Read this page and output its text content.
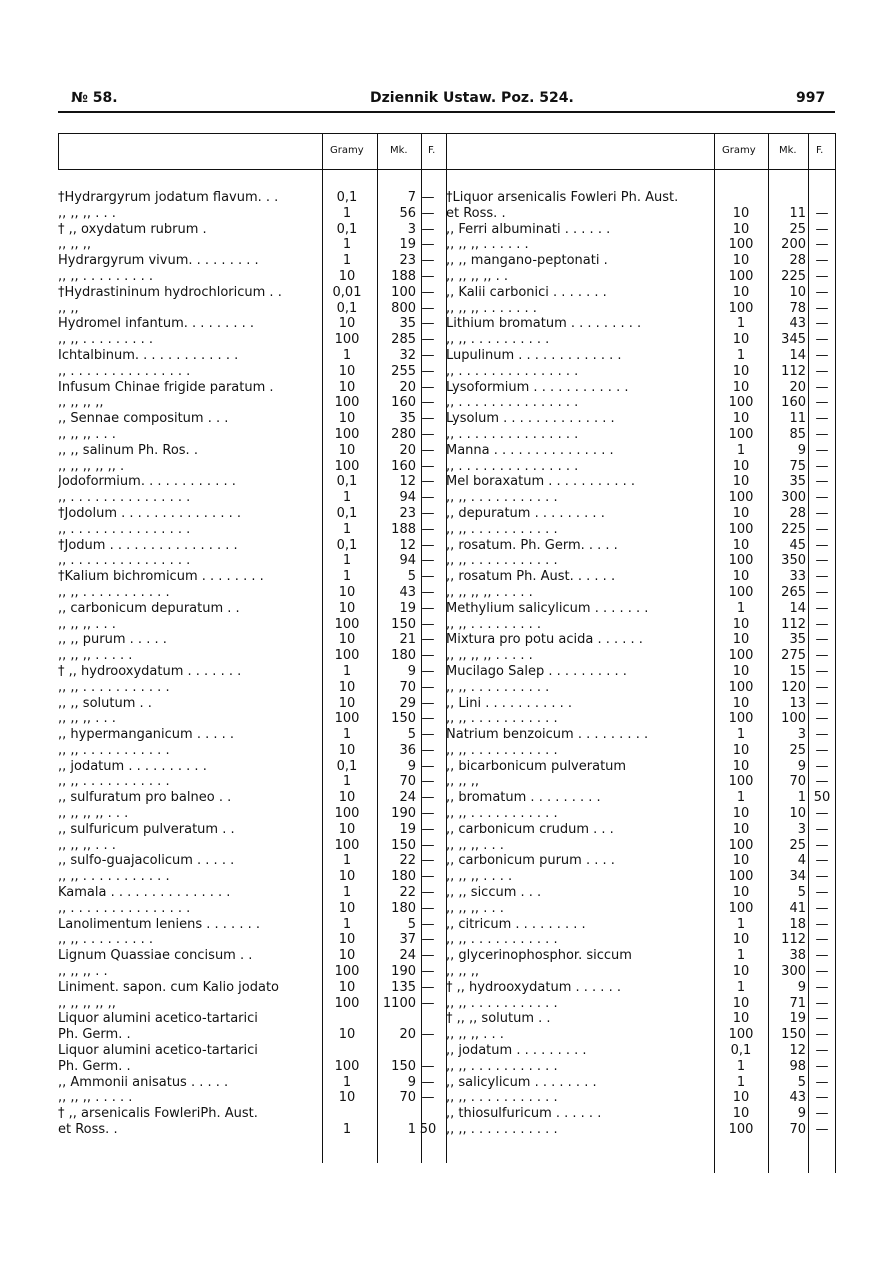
№ 58.	Dziennik Ustaw. Poz. 524.	997
Gramy	Mk. F.	Gramy Mk. F.
†Hydrargyrum jodatum flavum. . .	0,1	7 —
,, ,, ,, . . .	1	56 —
† ,, oxydatum rubrum .	0,1	3 —
,, ,, ,,	1	19 —
Hydrargyrum vivum. . . . . . . . .	1	23 —
,, ,, . . . . . . . . .	10	188 —
†Hydrastininum hydrochloricum . .	0,01	100 —
,, ,,	0,1	800 —
Hydromel infantum. . . . . . . . .	10	35 —
,, ,, . . . . . . . . .	100	285 —
Ichtalbinum. . . . . . . . . . . . .	1	32 —
,, . . . . . . . . . . . . . . .	10	255 —
Infusum Chinae frigide paratum .	10	20 —
,, ,, ,, ,,	100	160 —
,, Sennae compositum . . .	10	35 —
,, ,, ,, . . .	100	280 —
,, ,, salinum Ph. Ros. .	10	20 —
,, ,, ,, ,, ,, .	100	160 —
Jodoformium. . . . . . . . . . . .	0,1	12 —
,, . . . . . . . . . . . . . . .	1	94 —
†Jodolum . . . . . . . . . . . . . . .	0,1	23 —
,, . . . . . . . . . . . . . . .	1	188 —
†Jodum . . . . . . . . . . . . . . . .	0,1	12 —
,, . . . . . . . . . . . . . . .	1	94 —
†Kalium bichromicum . . . . . . . .	1	5 —
,, ,, . . . . . . . . . . .	10	43 —
,, carbonicum depuratum . .	10	19 —
,, ,, ,, . . .	100	150 —
,, ,, purum . . . . .	10	21 —
,, ,, ,, . . . . .	100	180 —
† ,, hydrooxydatum . . . . . . .	1	9 —
,, ,, . . . . . . . . . . .	10	70 —
,, ,, solutum . .	10	29 —
,, ,, ,, . . .	100	150 —
,, hypermanganicum . . . . .	1	5 —
,, ,, . . . . . . . . . . .	10	36 —
,, jodatum . . . . . . . . . .	0,1	9 —
,, ,, . . . . . . . . . . .	1	70 —
,, sulfuratum pro balneo . .	10	24 —
,, ,, ,, ,, . . .	100	190 —
,, sulfuricum pulveratum . .	10	19 —
,, ,, ,, . . .	100	150 —
,, sulfo-guajacolicum . . . . .	1	22 —
,, ,, . . . . . . . . . . .	10	180 —
Kamala . . . . . . . . . . . . . . .	1	22 —
,, . . . . . . . . . . . . . . .	10	180 —
Lanolimentum leniens . . . . . . .	1	5 —
,, ,, . . . . . . . . .	10	37 —
Lignum Quassiae concisum . .	10	24 —
,, ,, ,, . .	100	190 —
Liniment. sapon. cum Kalio jodato	10	135 —
,, ,, ,, ,, ,,	100	1100 —
Liquor alumini acetico-tartarici
Ph. Germ. .	10	20 —
Liquor alumini acetico-tartarici
Ph. Germ. .	100	150 —
,, Ammonii anisatus . . . . .	1	9 —
,, ,, ,, . . . . .	10	70 —
† ,, arsenicalis FowleriPh. Aust.
et Ross. .	1	1 50
†Liquor arsenicalis Fowleri Ph. Aust.
et Ross. .	10	11 —
,, Ferri albuminati . . . . . .	10	25 —
,, ,, ,, . . . . . .	100	200 —
,, ,, mangano-peptonati .	10	28 —
,, ,, ,, ,, . .	100	225 —
,, Kalii carbonici . . . . . . .	10	10 —
,, ,, ,, . . . . . . .	100	78 —
Lithium bromatum . . . . . . . . .	1	43 —
,, ,, . . . . . . . . . .	10	345 —
Lupulinum . . . . . . . . . . . . .	1	14 —
,, . . . . . . . . . . . . . . .	10	112 —
Lysoformium . . . . . . . . . . . .	10	20 —
,, . . . . . . . . . . . . . . .	100	160 —
Lysolum . . . . . . . . . . . . . .	10	11 —
,, . . . . . . . . . . . . . . .	100	85 —
Manna . . . . . . . . . . . . . . .	1	9 —
,, . . . . . . . . . . . . . . .	10	75 —
Mel boraxatum . . . . . . . . . . .	10	35 —
,, ,, . . . . . . . . . . .	100	300 —
,, depuratum . . . . . . . . .	10	28 —
,, ,, . . . . . . . . . . .	100	225 —
,, rosatum. Ph. Germ. . . . .	10	45 —
,, ,, . . . . . . . . . . .	100	350 —
,, rosatum Ph. Aust. . . . . .	10	33 —
,, ,, ,, ,, . . . . .	100	265 —
Methylium salicylicum . . . . . . .	1	14 —
,, ,, . . . . . . . . .	10	112 —
Mixtura pro potu acida . . . . . .	10	35 —
,, ,, ,, ,, . . . . .	100	275 —
Mucilago Salep . . . . . . . . . .	10	15 —
,, ,, . . . . . . . . . .	100	120 —
,, Lini . . . . . . . . . . .	10	13 —
,, ,, . . . . . . . . . . .	100	100 —
Natrium benzoicum . . . . . . . . .	1	3 —
,, ,, . . . . . . . . . . .	10	25 —
,, bicarbonicum pulveratum	10	9 —
,, ,, ,,	100	70 —
,, bromatum . . . . . . . . .	1	1 50
,, ,, . . . . . . . . . . .	10	10 —
,, carbonicum crudum . . .	10	3 —
,, ,, ,, . . .	100	25 —
,, carbonicum purum . . . .	10	4 —
,, ,, ,, . . . .	100	34 —
,, ,, siccum . . .	10	5 —
,, ,, ,, . . .	100	41 —
,, citricum . . . . . . . . .	1	18 —
,, ,, . . . . . . . . . . .	10	112 —
,, glycerinophosphor. siccum	1	38 —
,, ,, ,,	10	300 —
† ,, hydrooxydatum . . . . . .	1	9 —
,, ,, . . . . . . . . . . .	10	71 —
† ,, ,, solutum . .	10	19 —
,, ,, ,, . . .	100	150 —
,, jodatum . . . . . . . . .	0,1	12 —
,, ,, . . . . . . . . . . .	1	98 —
,, salicylicum . . . . . . . .	1	5 —
,, ,, . . . . . . . . . . .	10	43 —
,, thiosulfuricum . . . . . .	10	9 —
,, ,, . . . . . . . . . . .	100	70 —
